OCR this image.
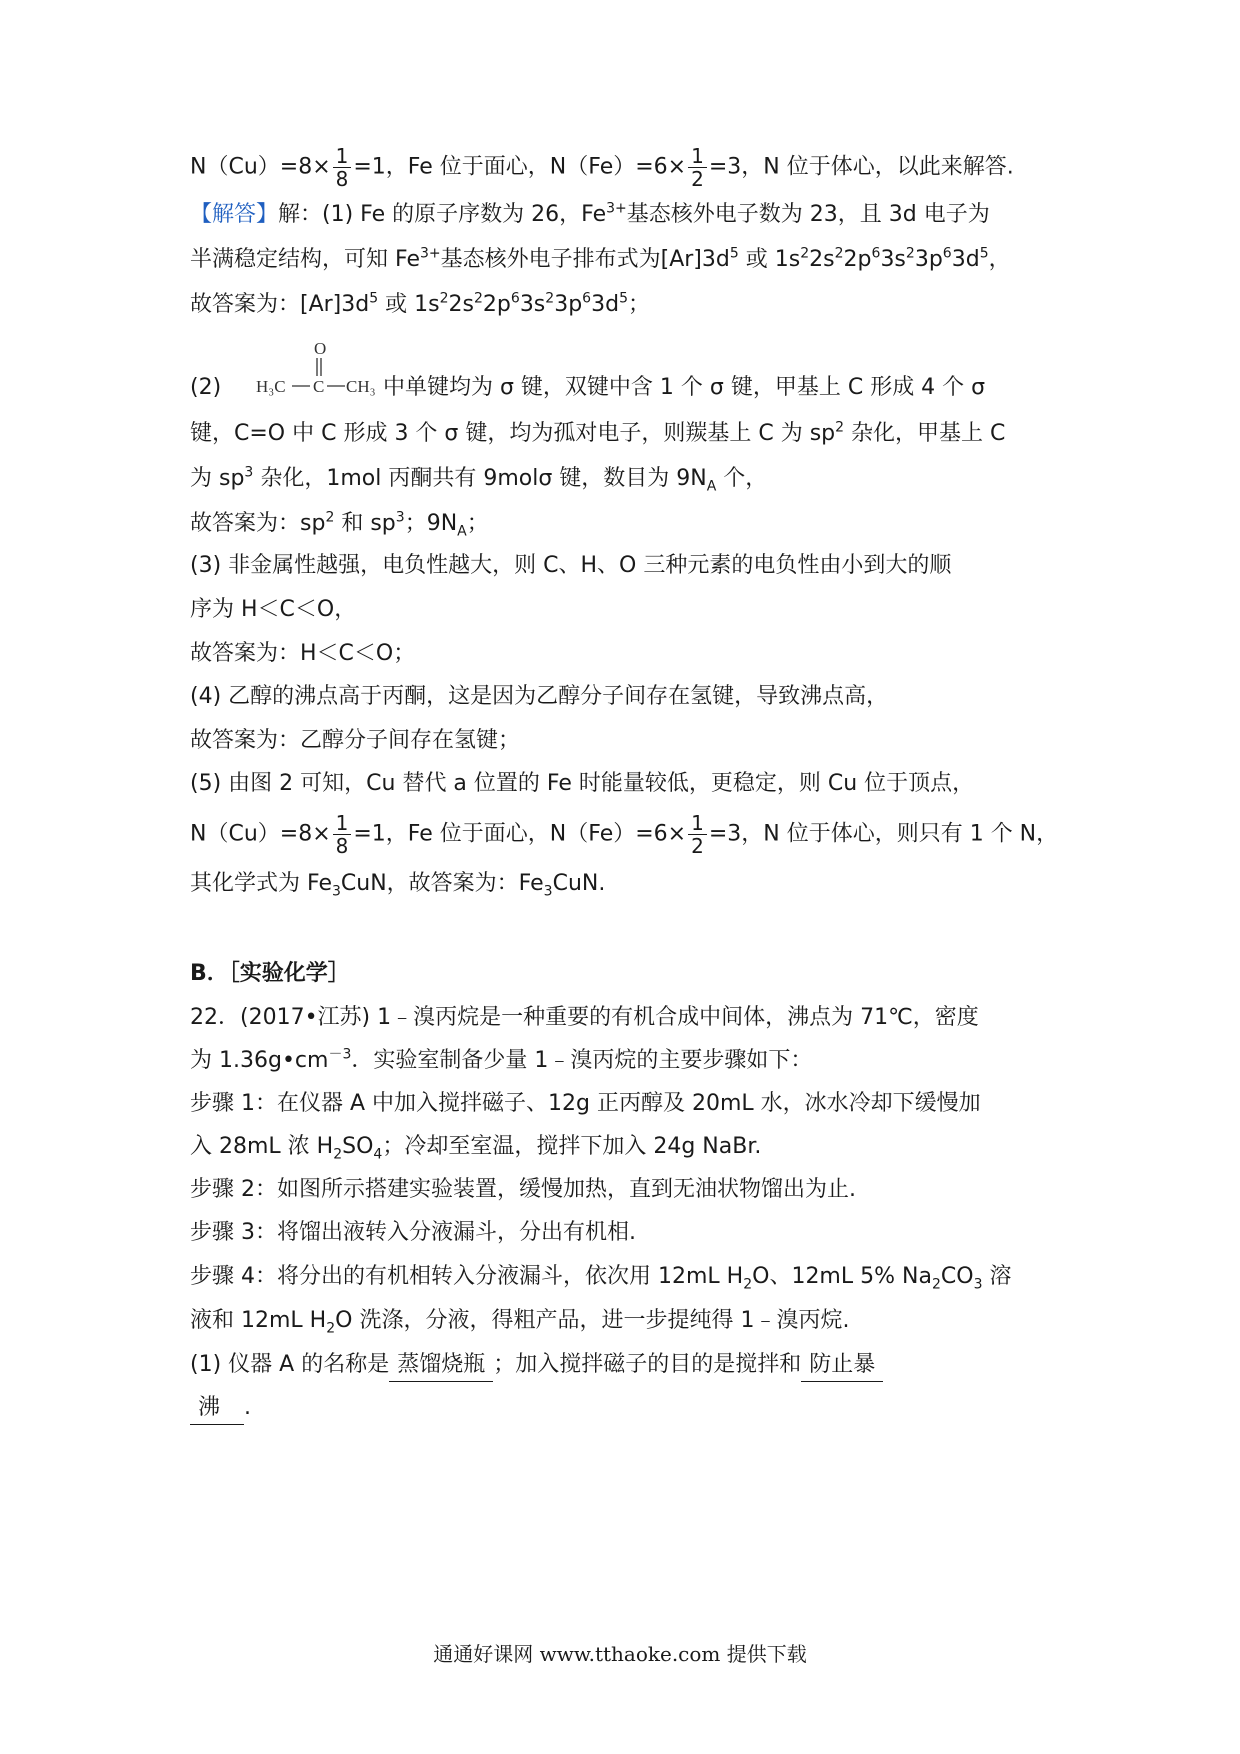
$N(Cu)=8\times \frac{1}{8} =1$，Fe 位于面心，$N(Fe)=6\times \frac{1}{2} =3$，N 位于体心，以此来解答.
【解答】解：(1) Fe 的原子序数为 26，$Fe^{3+}$基态核外电子数为 23，且 3d 电子为
半满稳定结构，可知 $Fe^{3+}$基态核外电子排布式为$[Ar]3d^5$ 或 $1s^22s^22p^63s^23p^63d^5$，
故答案为：$[Ar]3d^5$ 或 $1s^22s^22p^63s^23p^63d^5$；
(2)
O
H₃C C CH₃ 中单键均为 σ 键，双键中含 1 个 σ 键，甲基上 C 形成 4 个 σ
键，C=O 中 C 形成 3 个 σ 键，均为孤对电子，则羰基上 C 为 $sp^2$ 杂化，甲基上 C
为 $sp^3$ 杂化，1mol 丙酮共有 9molσ 键，数目为 $9N_A$ 个，
故答案为：$sp^2$ 和 $sp^3$；$9N_A$；
(3) 非金属性越强，电负性越大，则 C、H、O 三种元素的电负性由小到大的顺
序为 H＜C＜O，
故答案为：H＜C＜O；
(4) 乙醇的沸点高于丙酮，这是因为乙醇分子间存在氢键，导致沸点高，
故答案为：乙醇分子间存在氢键；
(5) 由图 2 可知，Cu 替代 a 位置的 Fe 时能量较低，更稳定，则 Cu 位于顶点，
$N(Cu)=8\times \frac{1}{8} =1$，Fe 位于面心，$N(Fe)=6\times \frac{1}{2} =3$，N 位于体心，则只有 1 个 N，
其化学式为 $Fe_3CuN$，故答案为：$Fe_3CuN$.
B．［实验化学］
22．(2017•江苏) 1﹣溴丙烷是一种重要的有机合成中间体，沸点为 71℃，密度
为 $1.36g•cm^{-3}$．实验室制备少量 1﹣溴丙烷的主要步骤如下：
步骤 1：在仪器 A 中加入搅拌磁子、12g 正丙醇及 20mL 水，冰水冷却下缓慢加
入 28mL 浓 $H_2SO_4$；冷却至室温，搅拌下加入 24g NaBr.
步骤 2：如图所示搭建实验装置，缓慢加热，直到无油状物馏出为止.
步骤 3：将馏出液转入分液漏斗，分出有机相.
步骤 4：将分出的有机相转入分液漏斗，依次用 12mL $H_2O$、12mL 5% $Na_2CO_3$ 溶
液和 12mL $H_2O$ 洗涤，分液，得粗产品，进一步提纯得 1﹣溴丙烷.
(1) 仪器 A 的名称是 蒸馏烧瓶 ；加入搅拌磁子的目的是搅拌和 防止暴
沸 .
通通好课网 www.tthaoke.com 提供下载
